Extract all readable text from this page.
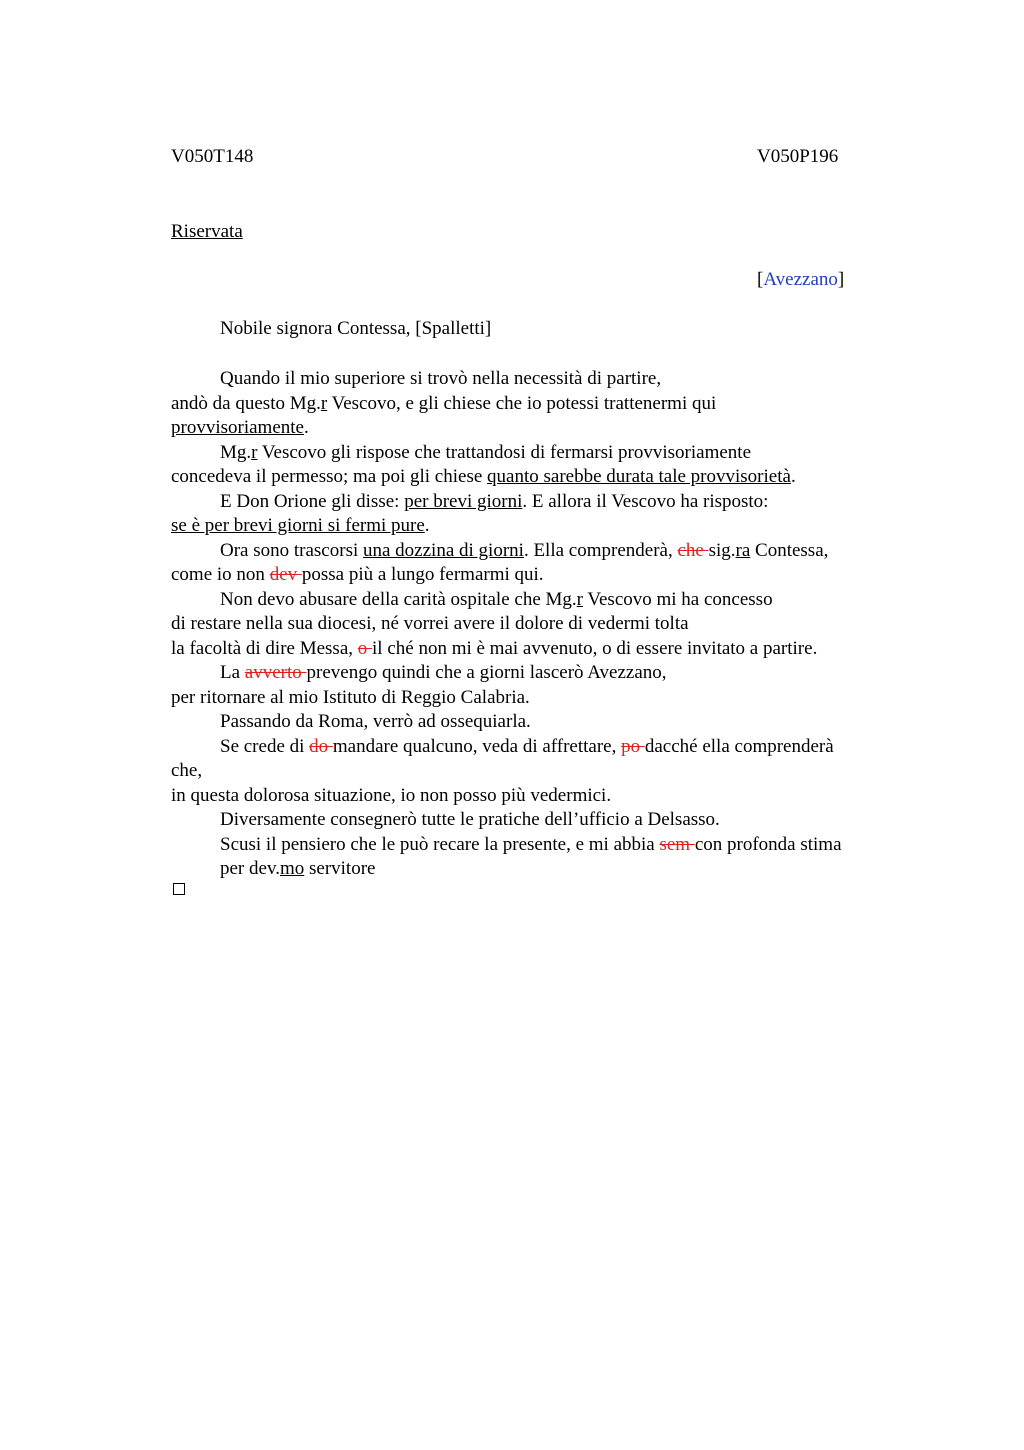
V050T148	V050P196
Riservata
[Avezzano]
Nobile signora Contessa, [Spalletti]
Quando il mio superiore si trovò nella necessità di partire,
andò da questo Mg.r Vescovo, e gli chiese che io potessi trattenermi qui
provvisoriamente.
Mg.r Vescovo gli rispose che trattandosi di fermarsi provvisoriamente
concedeva il permesso; ma poi gli chiese quanto sarebbe durata tale provvisorietà.
E Don Orione gli disse: per brevi giorni. E allora il Vescovo ha risposto:
se è per brevi giorni si fermi pure.
Ora sono trascorsi una dozzina di giorni. Ella comprenderà, che sig.ra Contessa,
come io non dev possa più a lungo fermarmi qui.
Non devo abusare della carità ospitale che Mg.r Vescovo mi ha concesso
di restare nella sua diocesi, né vorrei avere il dolore di vedermi tolta
la facoltà di dire Messa, o il ché non mi è mai avvenuto, o di essere invitato a partire.
La avverto prevengo quindi che a giorni lascerò Avezzano,
per ritornare al mio Istituto di Reggio Calabria.
Passando da Roma, verrò ad ossequiarla.
Se crede di do mandare qualcuno, veda di affrettare, po dacché ella comprenderà
che,
in questa dolorosa situazione, io non posso più vedermici.
Diversamente consegnerò tutte le pratiche dell’ufficio a Delsasso.
Scusi il pensiero che le può recare la presente, e mi abbia sem con profonda stima
per dev.mo servitore
